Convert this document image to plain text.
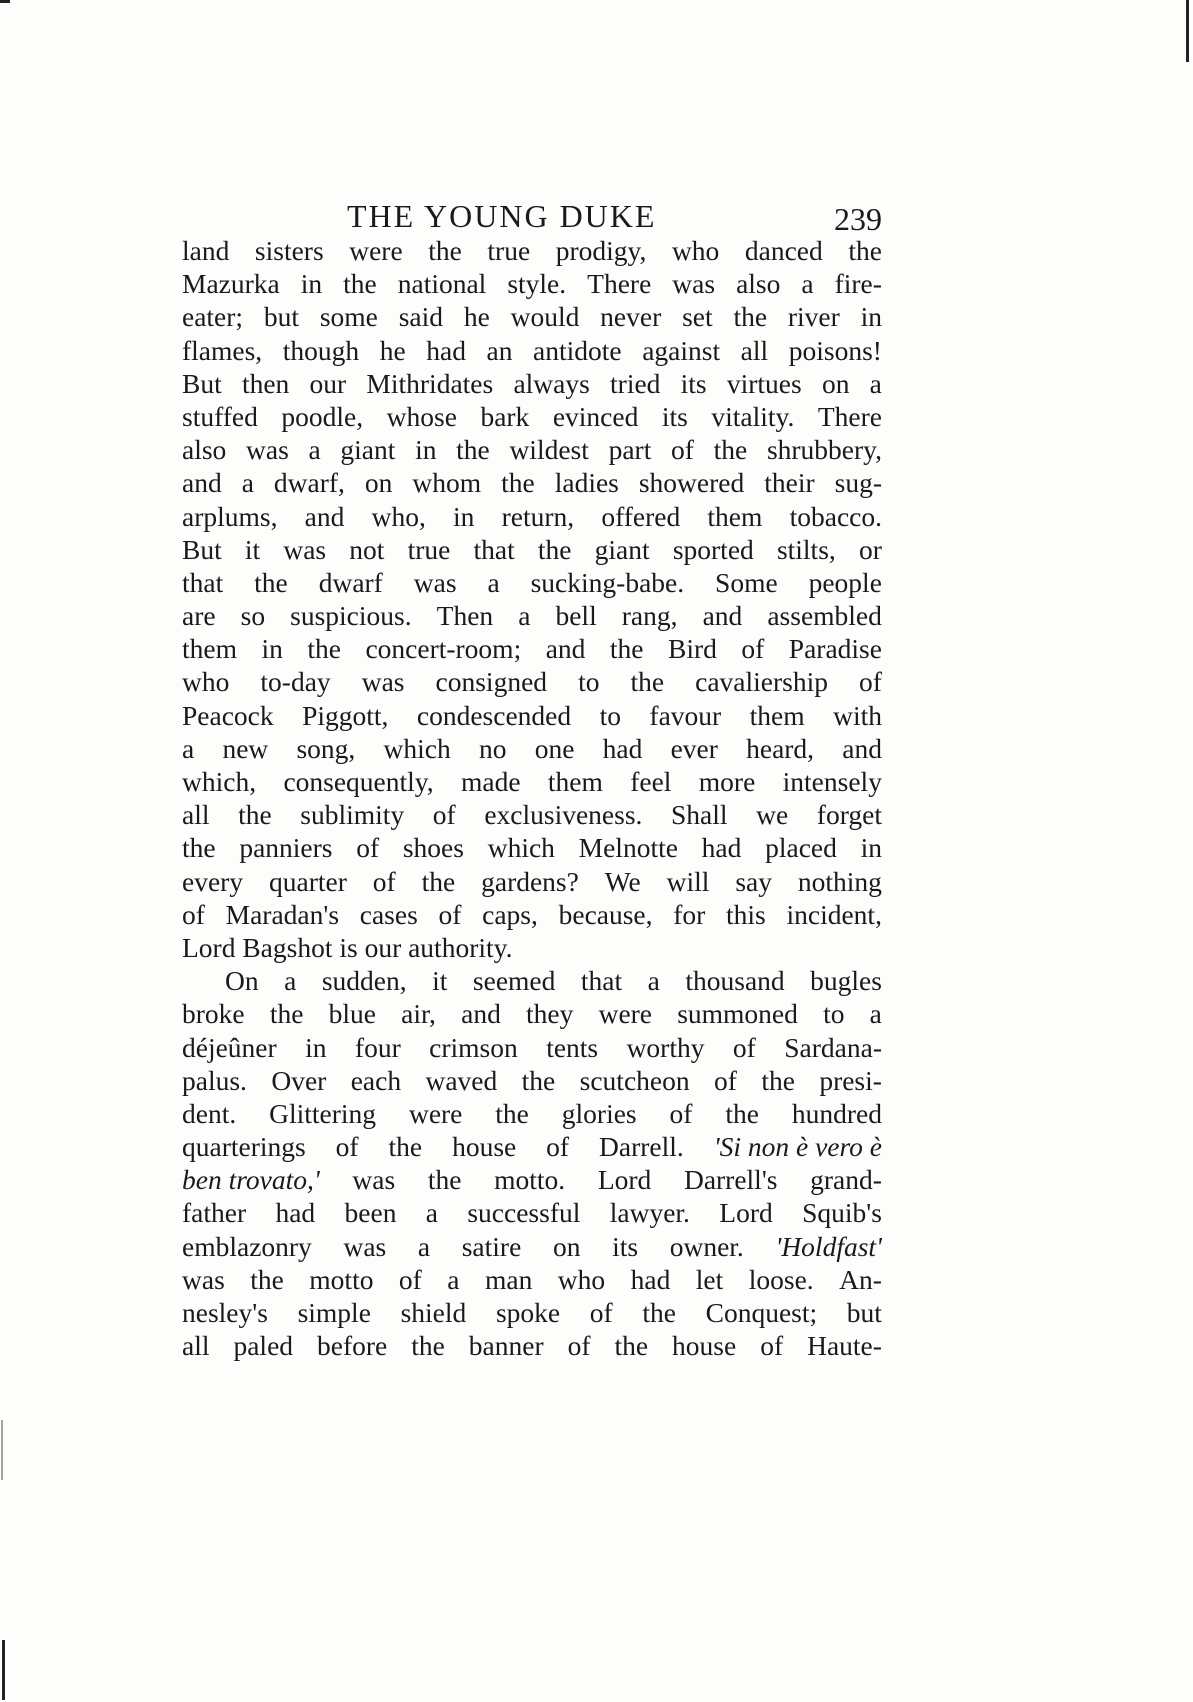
THE YOUNG DUKE	239
land sisters were the true prodigy, who danced the
Mazurka in the national style. There was also a fire-
eater; but some said he would never set the river in
flames, though he had an antidote against all poisons!
But then our Mithridates always tried its virtues on a
stuffed poodle, whose bark evinced its vitality. There
also was a giant in the wildest part of the shrubbery,
and a dwarf, on whom the ladies showered their sug-
arplums, and who, in return, offered them tobacco.
But it was not true that the giant sported stilts, or
that the dwarf was a sucking-babe. Some people
are so suspicious. Then a bell rang, and assembled
them in the concert-room; and the Bird of Paradise
who to-day was consigned to the cavaliership of
Peacock Piggott, condescended to favour them with
a new song, which no one had ever heard, and
which, consequently, made them feel more intensely
all the sublimity of exclusiveness. Shall we forget
the panniers of shoes which Melnotte had placed in
every quarter of the gardens? We will say nothing
of Maradan's cases of caps, because, for this incident,
Lord Bagshot is our authority.
On a sudden, it seemed that a thousand bugles
broke the blue air, and they were summoned to a
déjeûner in four crimson tents worthy of Sardana-
palus. Over each waved the scutcheon of the presi-
dent. Glittering were the glories of the hundred
quarterings of the house of Darrell. 'Si non è vero è
ben trovato,' was the motto. Lord Darrell's grand-
father had been a successful lawyer. Lord Squib's
emblazonry was a satire on its owner. 'Holdfast'
was the motto of a man who had let loose. An-
nesley's simple shield spoke of the Conquest; but
all paled before the banner of the house of Haute-
